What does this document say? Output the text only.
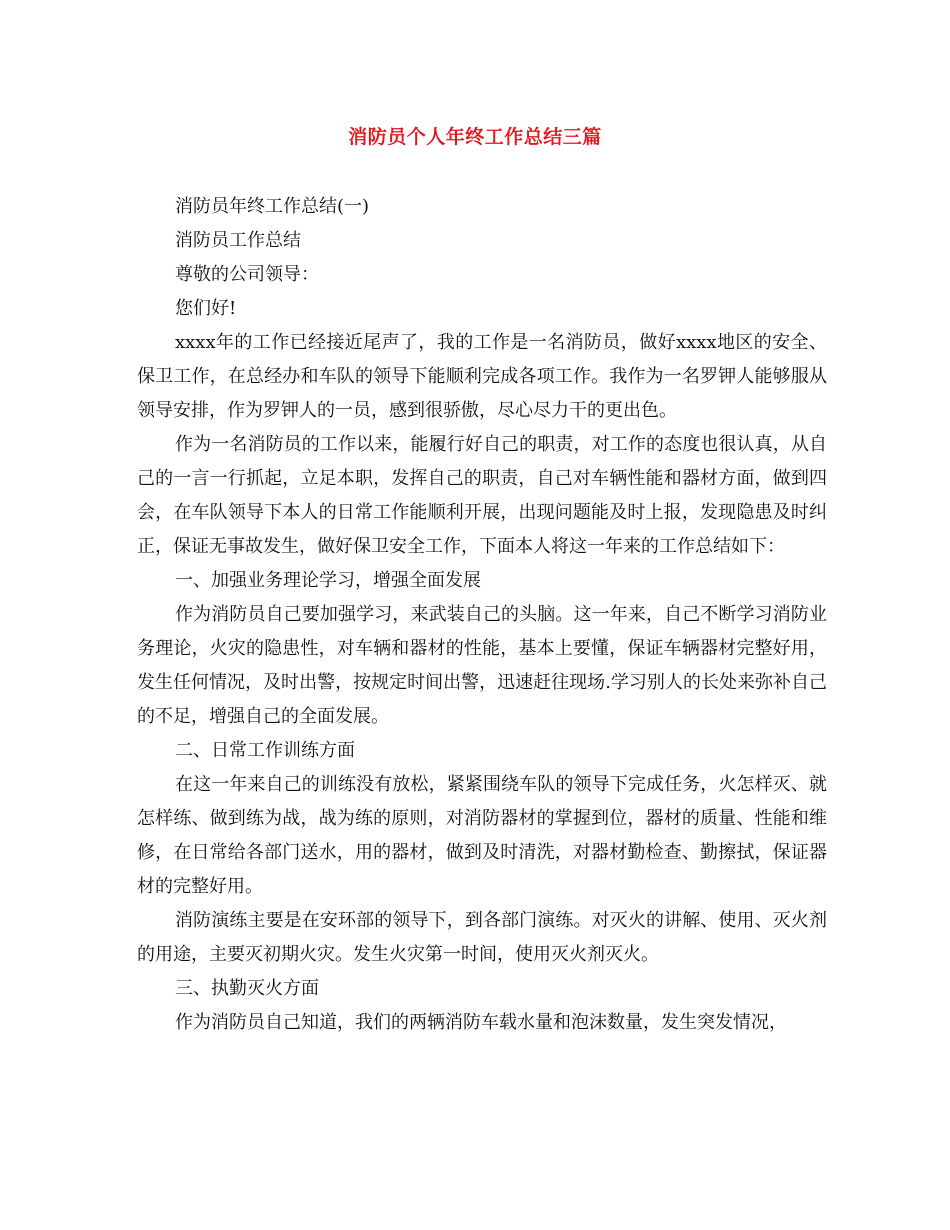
消防员个人年终工作总结三篇

消防员年终工作总结(一)

消防员工作总结

尊敬的公司领导：

您们好!

xxxx年的工作已经接近尾声了，我的工作是一名消防员，做好xxxx地区的安全、保卫工作，在总经办和车队的领导下能顺利完成各项工作。我作为一名罗钾人能够服从领导安排，作为罗钾人的一员，感到很骄傲，尽心尽力干的更出色。

作为一名消防员的工作以来，能履行好自己的职责，对工作的态度也很认真，从自己的一言一行抓起，立足本职，发挥自己的职责，自己对车辆性能和器材方面，做到四会，在车队领导下本人的日常工作能顺利开展，出现问题能及时上报，发现隐患及时纠正，保证无事故发生，做好保卫安全工作，下面本人将这一年来的工作总结如下：

一、加强业务理论学习，增强全面发展

作为消防员自己要加强学习，来武装自己的头脑。这一年来，自己不断学习消防业务理论，火灾的隐患性，对车辆和器材的性能，基本上要懂，保证车辆器材完整好用，发生任何情况，及时出警，按规定时间出警，迅速赶往现场.学习别人的长处来弥补自己的不足，增强自己的全面发展。

二、日常工作训练方面

在这一年来自己的训练没有放松，紧紧围绕车队的领导下完成任务，火怎样灭、就怎样练、做到练为战，战为练的原则，对消防器材的掌握到位，器材的质量、性能和维修，在日常给各部门送水，用的器材，做到及时清洗，对器材勤检查、勤擦拭，保证器材的完整好用。

消防演练主要是在安环部的领导下，到各部门演练。对灭火的讲解、使用、灭火剂的用途，主要灭初期火灾。发生火灾第一时间，使用灭火剂灭火。

三、执勤灭火方面

作为消防员自己知道，我们的两辆消防车载水量和泡沫数量，发生突发情况，
